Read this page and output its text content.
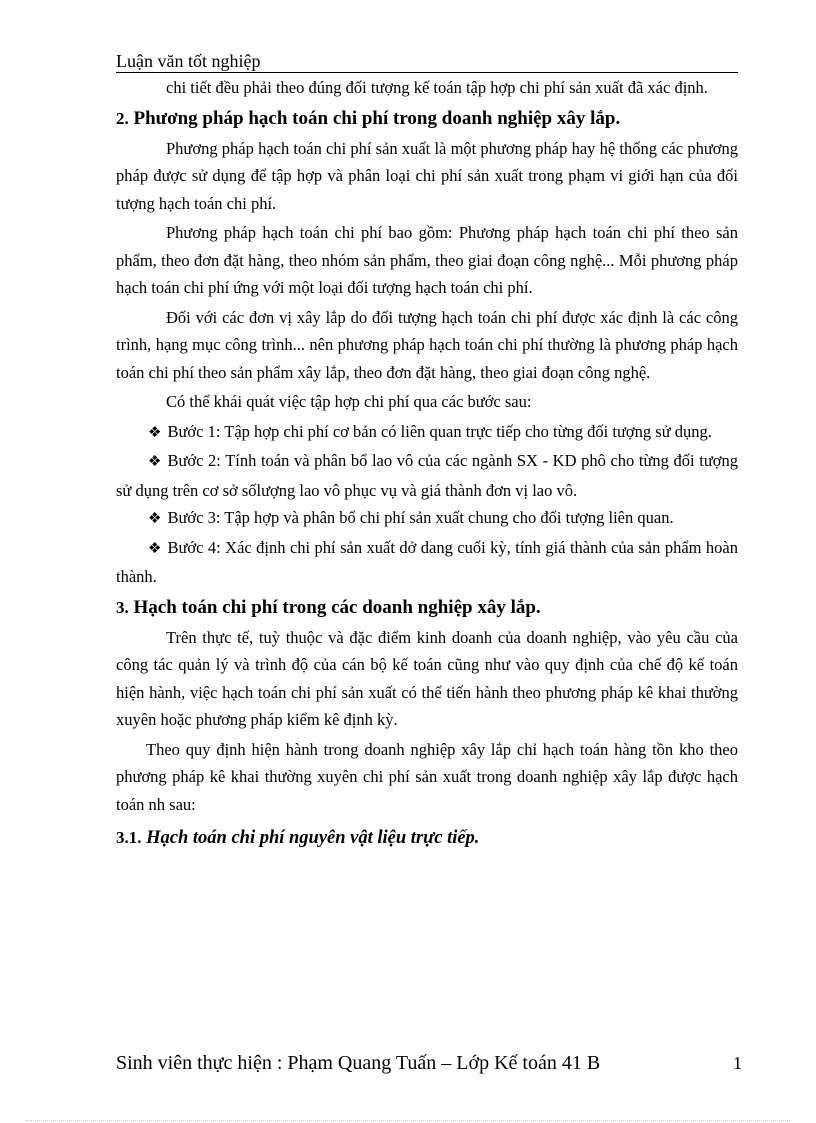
Luận văn tốt nghiệp

chi tiết đều phải theo đúng đối tượng kế toán tập hợp chi phí sản xuất đã xác định.

2. Phương pháp hạch toán chi phí trong doanh nghiệp xây lắp.

Phương pháp hạch toán chi phí sản xuất là một phương pháp hay hệ thống các phương pháp được sử dụng để tập hợp và phân loại chi phí sản xuất trong phạm vi giới hạn của đối tượng hạch toán chi phí.

Phương pháp hạch toán chi phí bao gồm: Phương pháp hạch toán chi phí theo sản phẩm, theo đơn đặt hàng, theo nhóm sản phẩm, theo giai đoạn công nghệ... Mỗi phương pháp hạch toán chi phí ứng với một loại đối tượng hạch toán chi phí.

Đối với các đơn vị xây lắp do đối tượng hạch toán chi phí được xác định là các công trình, hạng mục công trình... nên phương pháp hạch toán chi phí thường là phương pháp hạch toán chi phí theo sản phẩm xây lắp, theo đơn đặt hàng, theo giai đoạn công nghệ.

Có thể khái quát việc tập hợp chi phí qua các bước sau:

❖ Bước 1: Tập hợp chi phí cơ bản có liên quan trực tiếp cho từng đối tượng sử dụng.

❖ Bước 2: Tính toán và phân bổ lao vô của các ngành SX - KD phô cho từng đối tượng sử dụng trên cơ sở sốlượng lao vô phục vụ và giá thành đơn vị lao vô.

❖ Bước 3: Tập hợp và phân bổ chi phí sản xuất chung cho đối tượng liên quan.

❖ Bước 4: Xác định chi phí sản xuất dở dang cuối kỳ, tính giá thành của sản phẩm hoàn thành.

3. Hạch toán chi phí trong các doanh nghiệp xây lắp.

Trên thực tế, tuỳ thuộc và đặc điểm kinh doanh của doanh nghiệp, vào yêu cầu của công tác quản lý và trình độ của cán bộ kế toán cũng như vào quy định của chế độ kế toán hiện hành, việc hạch toán chi phí sản xuất có thể tiến hành theo phương pháp kê khai thường xuyên hoặc phương pháp kiểm kê định kỳ.

Theo quy định hiện hành trong doanh nghiệp xây lắp chỉ hạch toán hàng tồn kho theo phương pháp kê khai thường xuyên chi phí sản xuất trong doanh nghiệp xây lắp được hạch toán nh sau:

3.1. Hạch toán chi phí nguyên vật liệu trực tiếp.
Sinh viên thực hiện : Phạm Quang Tuấn – Lớp Kế toán 41 B	1
